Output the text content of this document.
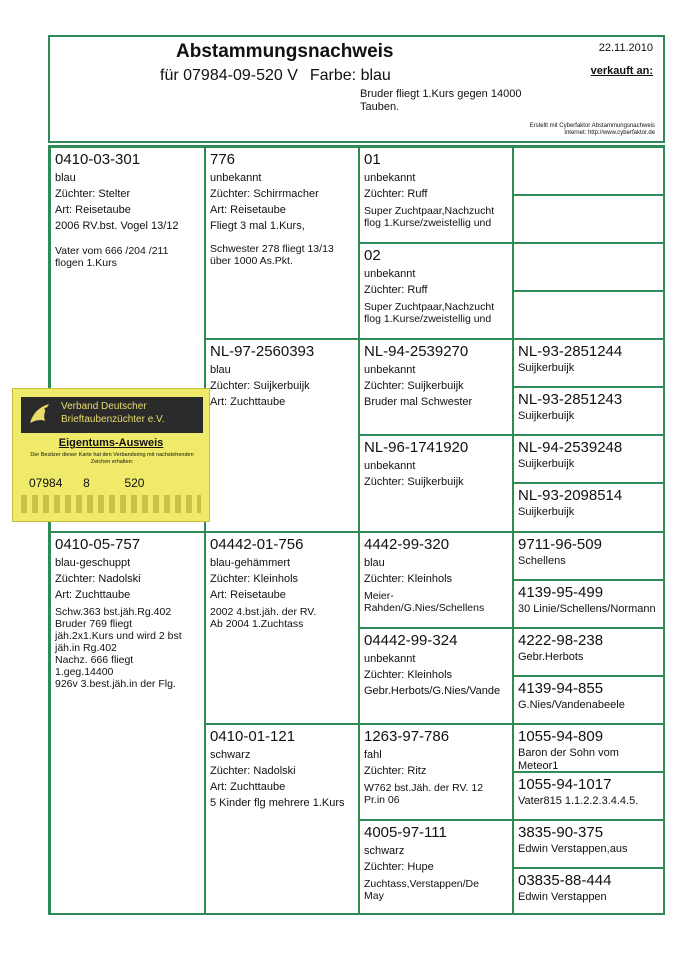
Abstammungsnachweis
für 07984-09-520 V Farbe: blau
22.11.2010
verkauft an:
Bruder fliegt 1.Kurs gegen 14000 Tauben.
Erstellt mit Cyberfaktor Abstammungsnachweis
Internet: http://www.cyberfaktor.de
0410-03-301
blau
Züchter: Stelter
Art: Reisetaube
2006 RV.bst. Vogel 13/12
Vater vom 666 /204 /211
flogen 1.Kurs
0410-05-757
blau-geschuppt
Züchter: Nadolski
Art: Zuchttaube
Schw.363 bst.jäh.Rg.402
Bruder 769 fliegt
jäh.2x1.Kurs und wird 2 bst
jäh.in Rg.402
Nachz. 666 fliegt
1.geg.14400
926v 3.best.jäh.in der Flg.
776
unbekannt
Züchter: Schirrmacher
Art: Reisetaube
Fliegt 3 mal 1.Kurs,
Schwester 278 fliegt 13/13
über 1000 As.Pkt.
NL-97-2560393
blau
Züchter: Suijkerbuijk
Art: Zuchttaube
04442-01-756
blau-gehämmert
Züchter: Kleinhols
Art: Reisetaube
2002 4.bst.jäh. der RV.
Ab 2004 1.Zuchtass
0410-01-121
schwarz
Züchter: Nadolski
Art: Zuchttaube
5 Kinder flg mehrere 1.Kurs
01
unbekannt
Züchter: Ruff
Super Zuchtpaar,Nachzucht
flog 1.Kurse/zweistellig und
02
unbekannt
Züchter: Ruff
Super Zuchtpaar,Nachzucht
flog 1.Kurse/zweistellig und
NL-94-2539270
unbekannt
Züchter: Suijkerbuijk
Bruder mal Schwester
NL-96-1741920
unbekannt
Züchter: Suijkerbuijk
4442-99-320
blau
Züchter: Kleinhols
Meier-
Rahden/G.Nies/Schellens
04442-99-324
unbekannt
Züchter: Kleinhols
Gebr.Herbots/G.Nies/Vande
1263-97-786
fahl
Züchter: Ritz
W762 bst.Jäh. der RV. 12
Pr.in 06
4005-97-111
schwarz
Züchter: Hupe
Zuchtass,Verstappen/De
May
NL-93-2851244
Suijkerbuijk
NL-93-2851243
Suijkerbuijk
NL-94-2539248
Suijkerbuijk
NL-93-2098514
Suijkerbuijk
9711-96-509
Schellens
4139-95-499
30 Linie/Schellens/Normann
4222-98-238
Gebr.Herbots
4139-94-855
G.Nies/Vandenabeele
1055-94-809
Baron der Sohn vom Meteor1
1055-94-1017
Vater815 1.1.2.2.3.4.4.5.
3835-90-375
Edwin Verstappen,aus
03835-88-444
Edwin Verstappen
Verband Deutscher
Brieftaubenzüchter e.V.
Eigentums-Ausweis
Der Besitzer dieser Karte hat den Verbandsring mit nachstehenden Zeichen erhalten:
07984 8	520
